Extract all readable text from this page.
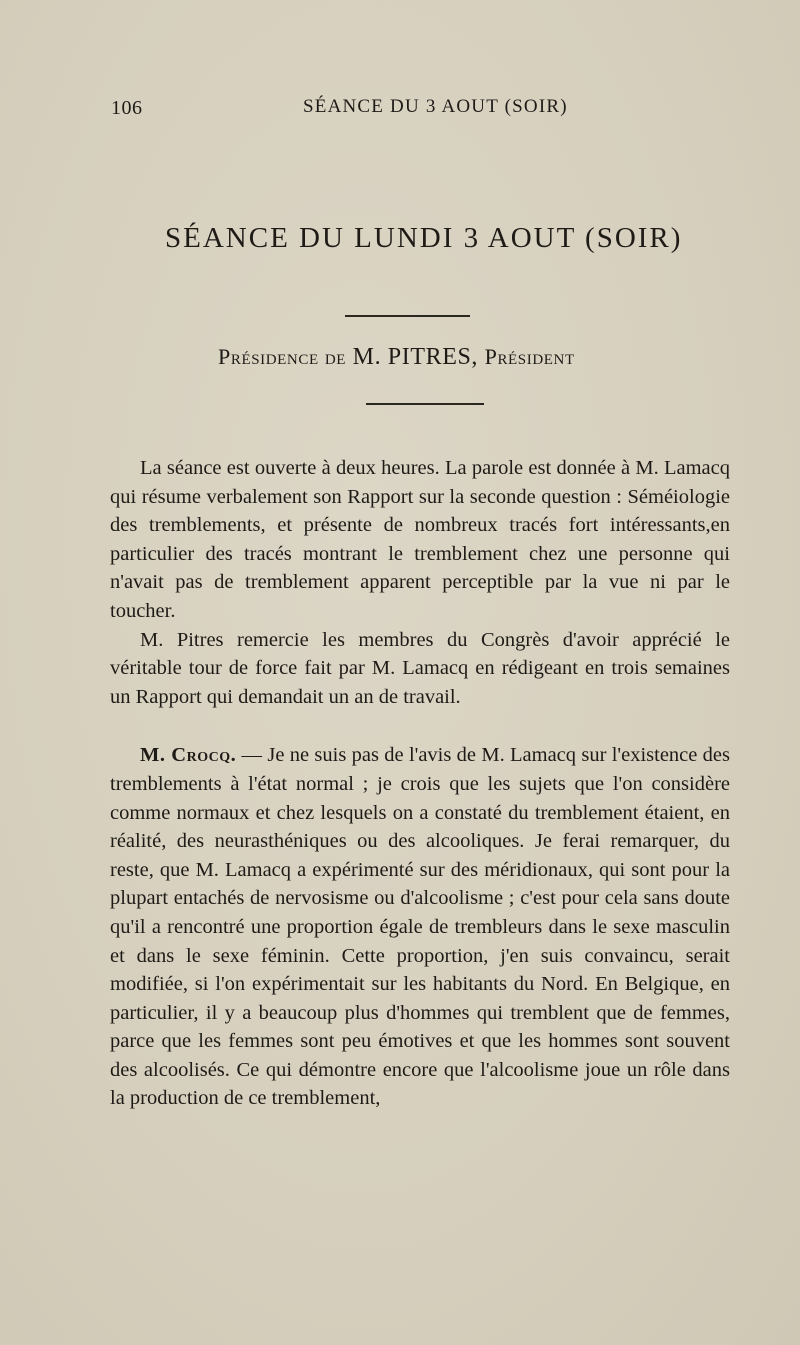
106	SÉANCE DU 3 AOUT (SOIR)
SÉANCE DU LUNDI 3 AOUT (SOIR)
Présidence de M. PITRES, Président

La séance est ouverte à deux heures. La parole est donnée à M. Lamacq qui résume verbalement son Rapport sur la seconde question : Séméiologie des tremblements, et présente de nombreux tracés fort intéressants,en particulier des tracés montrant le tremblement chez une personne qui n'avait pas de tremblement apparent perceptible par la vue ni par le toucher.

M. Pitres remercie les membres du Congrès d'avoir apprécié le véritable tour de force fait par M. Lamacq en rédigeant en trois semaines un Rapport qui demandait un an de travail.

M. Crocq. — Je ne suis pas de l'avis de M. Lamacq sur l'existence des tremblements à l'état normal ; je crois que les sujets que l'on considère comme normaux et chez lesquels on a constaté du tremblement étaient, en réalité, des neurasthéniques ou des alcooliques. Je ferai remarquer, du reste, que M. Lamacq a expérimenté sur des méridionaux, qui sont pour la plupart entachés de nervosisme ou d'alcoolisme ; c'est pour cela sans doute qu'il a rencontré une proportion égale de trembleurs dans le sexe masculin et dans le sexe féminin. Cette proportion, j'en suis convaincu, serait modifiée, si l'on expérimentait sur les habitants du Nord. En Belgique, en particulier, il y a beaucoup plus d'hommes qui tremblent que de femmes, parce que les femmes sont peu émotives et que les hommes sont souvent des alcoolisés. Ce qui démontre encore que l'alcoolisme joue un rôle dans la production de ce tremblement,
